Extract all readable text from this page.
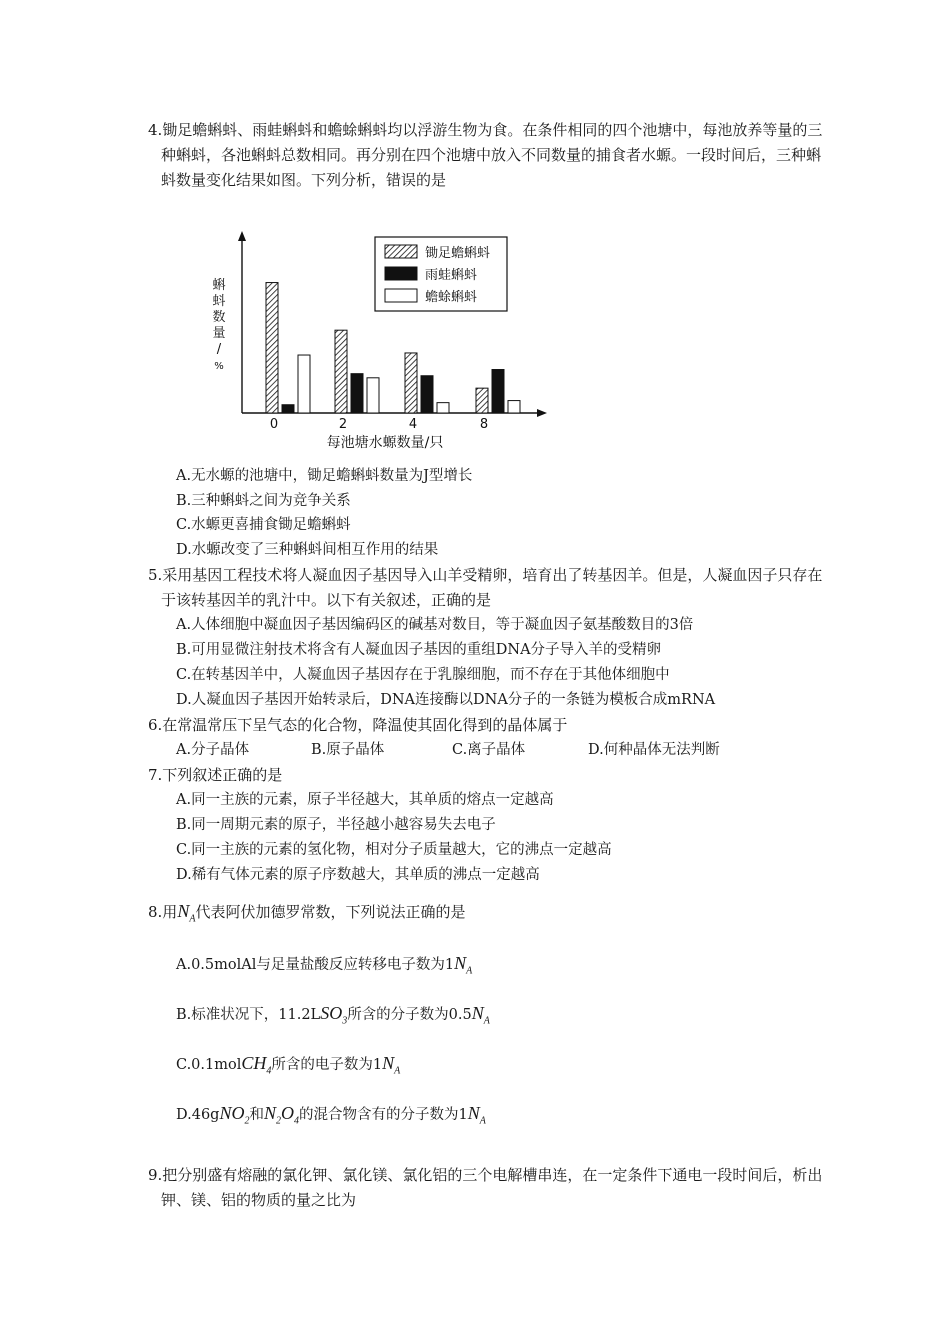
4.锄足蟾蝌蚪、雨蛙蝌蚪和蟾蜍蝌蚪均以浮游生物为食。在条件相同的四个池塘中，每池放养等量的三种蝌蚪，各池蝌蚪总数相同。再分别在四个池塘中放入不同数量的捕食者水螈。一段时间后，三种蝌蚪数量变化结果如图。下列分析，错误的是

蝌
蚪
数
量
/
%
0	2	4	8
每池塘水螈数量/只
锄足蟾蝌蚪
雨蛙蝌蚪
蟾蜍蝌蚪
A.无水螈的池塘中，锄足蟾蝌蚪数量为J型增长
B.三种蝌蚪之间为竞争关系
C.水螈更喜捕食锄足蟾蝌蚪
D.水螈改变了三种蝌蚪间相互作用的结果

5.采用基因工程技术将人凝血因子基因导入山羊受精卵，培育出了转基因羊。但是，人凝血因子只存在于该转基因羊的乳汁中。以下有关叙述，正确的是

A.人体细胞中凝血因子基因编码区的碱基对数目，等于凝血因子氨基酸数目的3倍
B.可用显微注射技术将含有人凝血因子基因的重组DNA分子导入羊的受精卵
C.在转基因羊中，人凝血因子基因存在于乳腺细胞，而不存在于其他体细胞中
D.人凝血因子基因开始转录后，DNA连接酶以DNA分子的一条链为模板合成mRNA

6.在常温常压下呈气态的化合物，降温使其固化得到的晶体属于

A.分子晶体	B.原子晶体	C.离子晶体	D.何种晶体无法判断

7.下列叙述正确的是

A.同一主族的元素，原子半径越大，其单质的熔点一定越高
B.同一周期元素的原子，半径越小越容易失去电子
C.同一主族的元素的氢化物，相对分子质量越大，它的沸点一定越高
D.稀有气体元素的原子序数越大，其单质的沸点一定越高

8.用$N_A$代表阿伏加德罗常数，下列说法正确的是

A.0.5molAl与足量盐酸反应转移电子数为$1N_A$
B.标准状况下，$11.2LSO_3$所含的分子数为$0.5N_A$
C.0.1molCH$_4$所含的电子数为$1N_A$
D.46gNO$_2$和$N_2O_4$的混合物含有的分子数为$1N_A$

9.把分别盛有熔融的氯化钾、氯化镁、氯化铝的三个电解槽串连，在一定条件下通电一段时间后，析出钾、镁、铝的物质的量之比为
